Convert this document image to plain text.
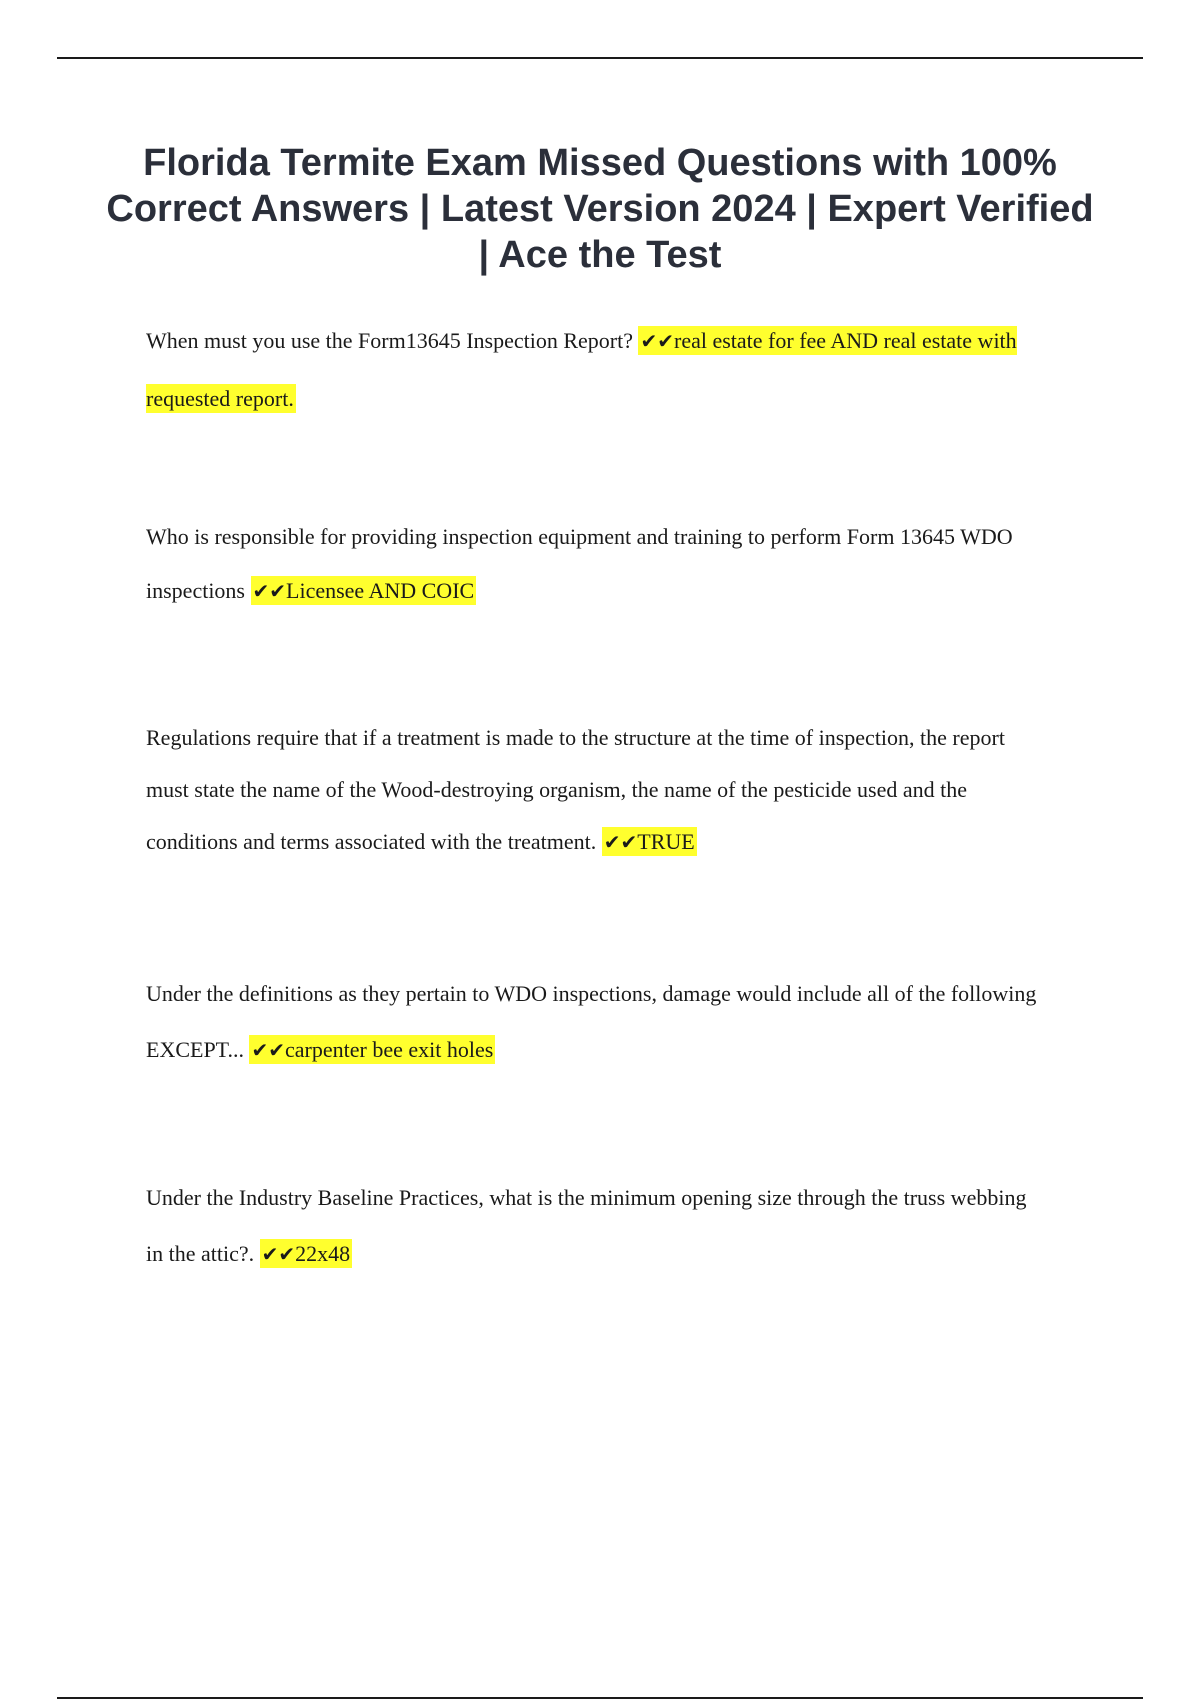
Florida Termite Exam Missed Questions with 100% Correct Answers | Latest Version 2024 | Expert Verified | Ace the Test

When must you use the Form13645 Inspection Report? ✔✔real estate for fee AND real estate with requested report.

Who is responsible for providing inspection equipment and training to perform Form 13645 WDO inspections ✔✔Licensee AND COIC

Regulations require that if a treatment is made to the structure at the time of inspection, the report must state the name of the Wood-destroying organism, the name of the pesticide used and the conditions and terms associated with the treatment. ✔✔TRUE

Under the definitions as they pertain to WDO inspections, damage would include all of the following EXCEPT... ✔✔carpenter bee exit holes

Under the Industry Baseline Practices, what is the minimum opening size through the truss webbing in the attic?. ✔✔22x48
